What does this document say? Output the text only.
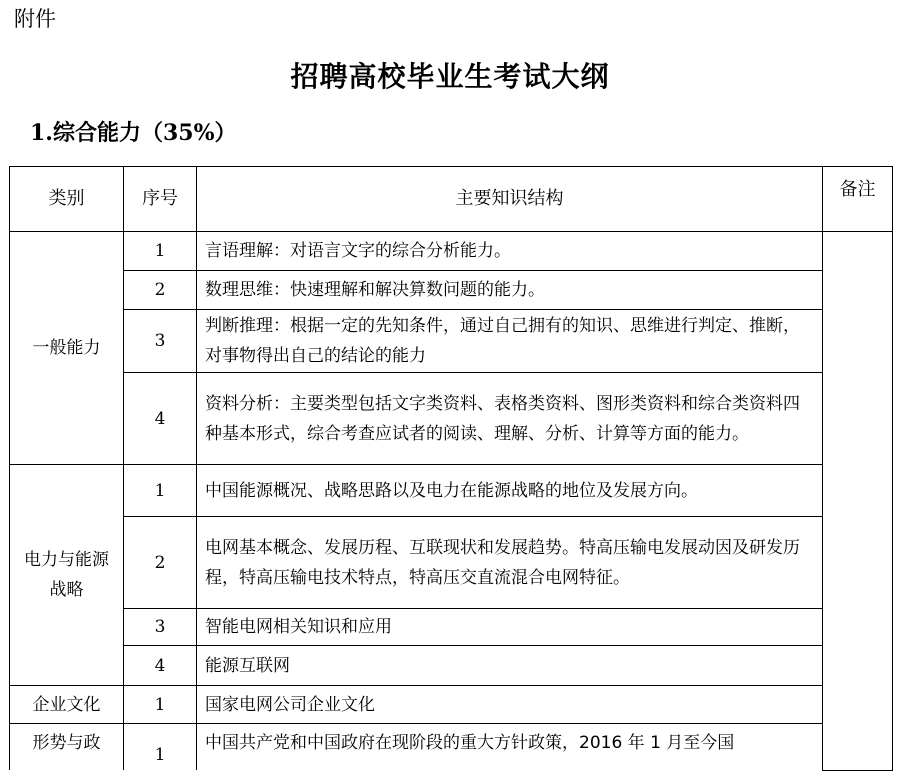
附件
招聘高校毕业生考试大纲
1.综合能力（35%）
类别	序号	主要知识结构	备注
一般能力	1	言语理解：对语言文字的综合分析能力。	
	2	数理思维：快速理解和解决算数问题的能力。	
	3	判断推理：根据一定的先知条件，通过自己拥有的知识、思维进行判定、推断，对事物得出自己的结论的能力	
	4	资料分析：主要类型包括文字类资料、表格类资料、图形类资料和综合类资料四种基本形式，综合考查应试者的阅读、理解、分析、计算等方面的能力。	
电力与能源战略	1	中国能源概况、战略思路以及电力在能源战略的地位及发展方向。	
	2	电网基本概念、发展历程、互联现状和发展趋势。特高压输电发展动因及研发历程，特高压输电技术特点，特高压交直流混合电网特征。	
	3	智能电网相关知识和应用	
	4	能源互联网	
企业文化	1	国家电网公司企业文化	
形势与政	1	中国共产党和中国政府在现阶段的重大方针政策，2016 年 1 月至今国	
